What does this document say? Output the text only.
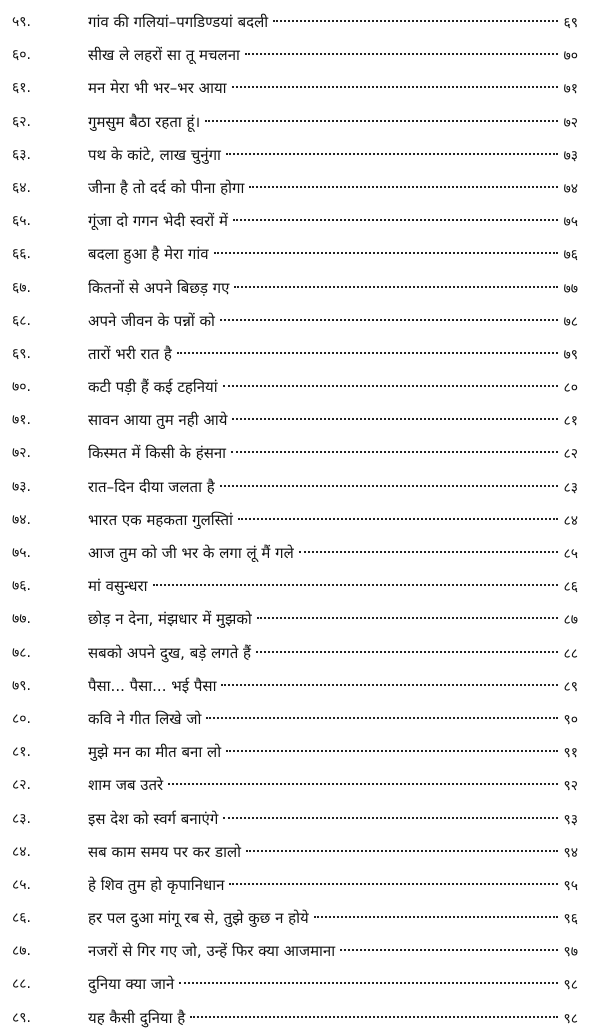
५९.	गांव की गलियां–पगडिण्डयां बदली	६९
६०.	सीख ले लहरों सा तू मचलना	७०
६१.	मन मेरा भी भर–भर आया	७१
६२.	गुमसुम बैठा रहता हूं।	७२
६३.	पथ के कांटे, लाख चुनुंगा	७३
६४.	जीना है तो दर्द को पीना होगा	७४
६५.	गूंजा दो गगन भेदी स्वरों में	७५
६६.	बदला हुआ है मेरा गांव	७६
६७.	कितनों से अपने बिछड़ गए	७७
६८.	अपने जीवन के पन्नों को	७८
६९.	तारों भरी रात है	७९
७०.	कटी पड़ी हैं कई टहनियां	८०
७१.	सावन आया तुम नही आये	८१
७२.	किस्मत में किसी के हंसना	८२
७३.	रात–दिन दीया जलता है	८३
७४.	भारत एक महकता गुलस्तिां	८४
७५.	आज तुम को जी भर के लगा लूं मैं गले	८५
७६.	मां वसुन्धरा	८६
७७.	छोड़ न देना, मंझधार में मुझको	८७
७८.	सबको अपने दुख, बड़े लगते हैं	८८
७९.	पैसा... पैसा... भई पैसा	८९
८०.	कवि ने गीत लिखे जो	९०
८१.	मुझे मन का मीत बना लो	९१
८२.	शाम जब उतरे	९२
८३.	इस देश को स्वर्ग बनाएंगे	९३
८४.	सब काम समय पर कर डालो	९४
८५.	हे शिव तुम हो कृपानिधान	९५
८६.	हर पल दुआ मांगू रब से, तुझे कुछ न होये	९६
८७.	नजरों से गिर गए जो, उन्हें फिर क्या आजमाना	९७
८८.	दुनिया क्या जाने	९८
८९.	यह कैसी दुनिया है	९८
